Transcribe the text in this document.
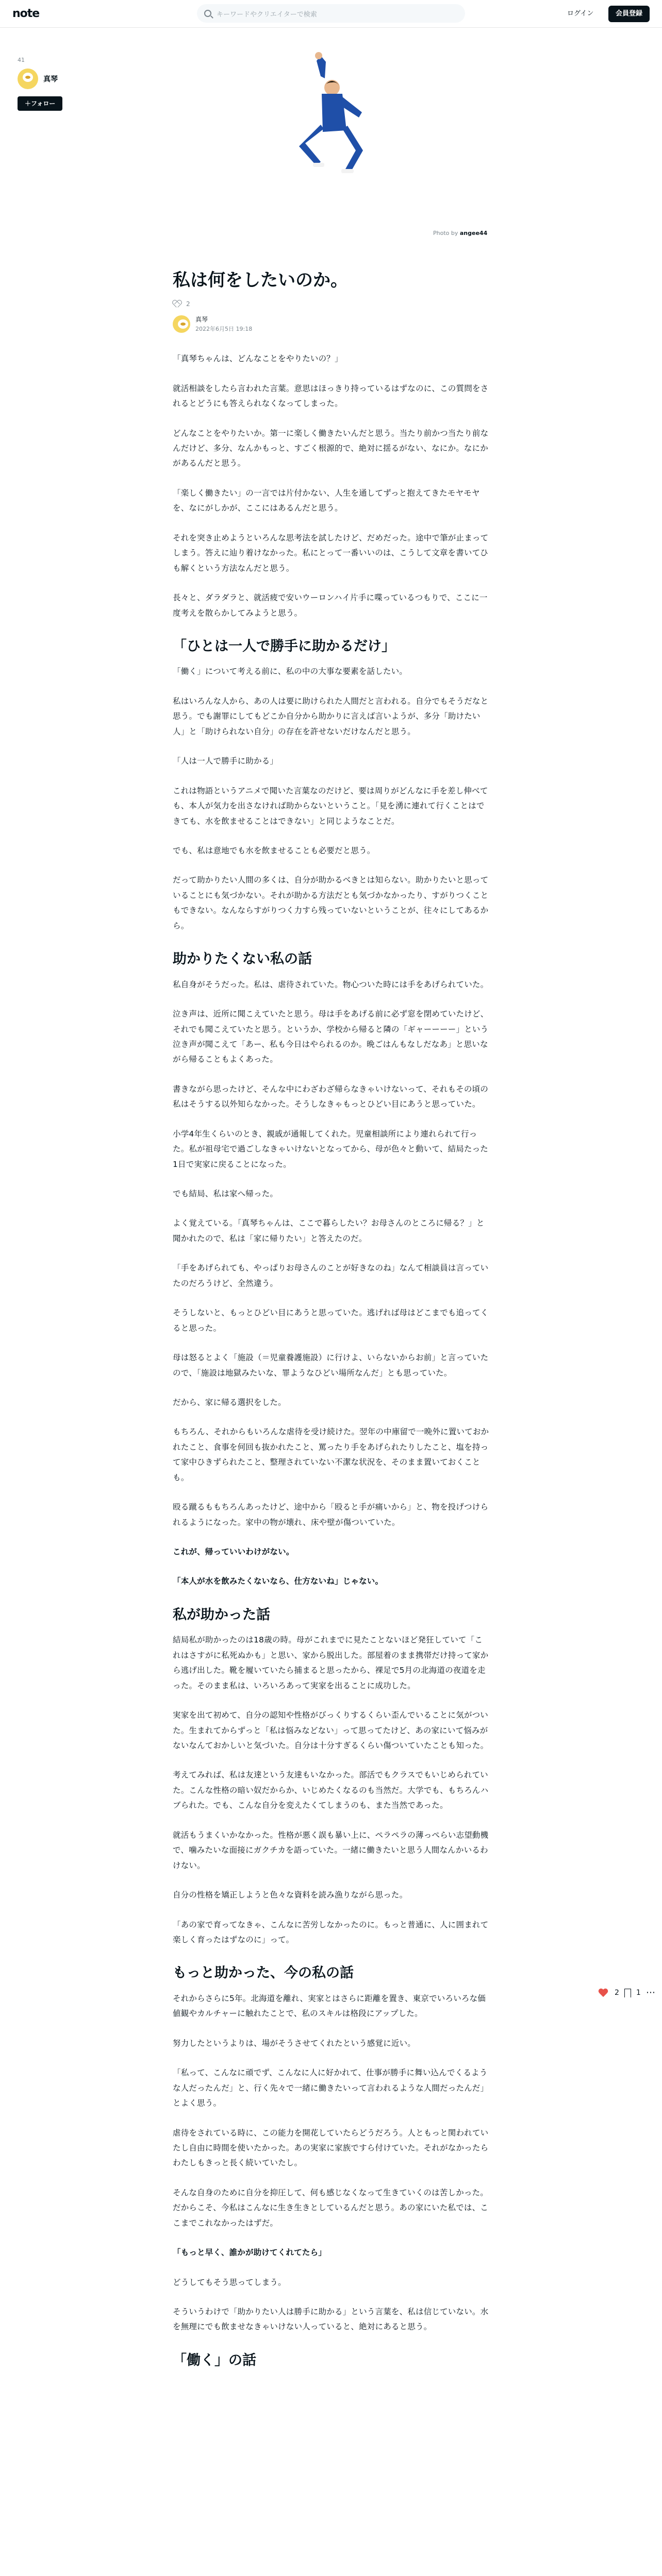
note	キーワードやクリエイターで検索	ログイン	会員登録
41
真琴
＋フォロー
Photo by angee44
私は何をしたいのか。
2
真琴
2022年6月5日 19:18

「真琴ちゃんは、どんなことをやりたいの？」

就活相談をしたら言われた言葉。意思はほっきり持っているはずなのに、この質問をされるとどうにも答えられなくなってしまった。

どんなことをやりたいか。第一に楽しく働きたいんだと思う。当たり前かつ当たり前なんだけど、多分、なんかもっと、すごく根源的で、絶対に揺るがない、なにか。なにかがあるんだと思う。

「楽しく働きたい」の一言では片付かない、人生を通してずっと抱えてきたモヤモヤを、なにがしかが、ここにはあるんだと思う。

それを突き止めようといろんな思考法を試したけど、だめだった。途中で筆が止まってしまう。答えに辿り着けなかった。私にとって一番いいのは、こうして文章を書いてひも解くという方法なんだと思う。

長々と、ダラダラと、就活疲で安いウーロンハイ片手に喋っているつもりで、ここに一度考えを散らかしてみようと思う。

「ひとは一人で勝手に助かるだけ」

「働く」について考える前に、私の中の大事な要素を話したい。

私はいろんな人から、あの人は要に助けられた人間だと言われる。自分でもそうだなと思う。でも謝罪にしてもどこか自分から助かりに言えば言いようが、多分「助けたい人」と「助けられない自分」の存在を許せないだけなんだと思う。

「人は一人で勝手に助かる」

これは物語というアニメで聞いた言葉なのだけど、要は周りがどんなに手を差し伸べても、本人が気力を出さなければ助からないということ。「見を湧に連れて行くことはできても、水を飲ませることはできない」と同じようなことだ。

でも、私は意地でも水を飲ませることも必要だと思う。

だって助かりたい人間の多くは、自分が助かるべきとは知らない。助かりたいと思っていることにも気づかない。それが助かる方法だとも気づかなかったり、すがりつくこともできない。なんならすがりつく力すら残っていないということが、往々にしてあるから。

助かりたくない私の話

私自身がそうだった。私は、虐待されていた。物心ついた時には手をあげられていた。

泣き声は、近所に聞こえていたと思う。母は手をあげる前に必ず窓を閉めていたけど、それでも聞こえていたと思う。というか、学校から帰ると隣の「ギャーーーー」という泣き声が聞こえて「あー、私も今日はやられるのか。晩ごはんもなしだなあ」と思いながら帰ることもよくあった。

書きながら思ったけど、そんな中にわざわざ帰らなきゃいけないって、それもその頃の私はそうする以外知らなかった。そうしなきゃもっとひどい目にあうと思っていた。

小学4年生くらいのとき、親戚が通報してくれた。児童相談所により連れられて行った。私が祖母宅で過ごしなきゃいけないとなってから、母が色々と動いて、結局たった1日で実家に戻ることになった。

でも結局、私は家へ帰った。

よく覚えている。「真琴ちゃんは、ここで暮らしたい？お母さんのところに帰る？」と聞かれたので、私は「家に帰りたい」と答えたのだ。

「手をあげられても、やっぱりお母さんのことが好きなのね」なんて相談員は言っていたのだろうけど、全然違う。

そうしないと、もっとひどい目にあうと思っていた。逃げれば母はどこまでも追ってくると思った。

母は怒るとよく「施設（＝児童養護施設）に行けよ、いらないからお前」と言っていたので、「施設は地獄みたいな、罪ようなひどい場所なんだ」とも思っていた。

だから、家に帰る選択をした。

もちろん、それからもいろんな虐待を受け続けた。翌年の中庫留で一晩外に置いておかれたこと、食事を何回も抜かれたこと、罵ったり手をあげられたりしたこと、塩を持って家中ひきずられたこと、整理されていない不潔な状況を、そのまま置いておくことも。

殴る蹴るももちろんあったけど、途中から「殴ると手が痛いから」と、物を投げつけられるようになった。家中の物が壊れ、床や壁が傷ついていた。

これが、帰っていいわけがない。

「本人が水を飲みたくないなら、仕方ないね」じゃない。

私が助かった話

結局私が助かったのは18歳の時。母がこれまでに見たことないほど発狂していて「これはさすがに私死ぬかも」と思い、家から脱出した。部屋着のまま携帯だけ持って家から逃げ出した。靴を履いていたら捕まると思ったから、裸足で5月の北海道の夜道を走った。そのまま私は、いろいろあって実家を出ることに成功した。

実家を出て初めて、自分の認知や性格がびっくりするくらい歪んでいることに気がついた。生まれてからずっと「私は悩みなどない」って思ってたけど、あの家にいて悩みがないなんておかしいと気づいた。自分は十分すぎるくらい傷ついていたことも知った。

考えてみれば、私は友達という友達もいなかった。部活でもクラスでもいじめられていた。こんな性格の暗い奴だからか、いじめたくなるのも当然だ。大学でも、もちろんハブられた。でも、こんな自分を変えたくてしまうのも、また当然であった。

就活もうまくいかなかった。性格が悪く誤も暴い上に、ペラペラの薄っぺらい志望動機で、噛みたいな面接にガクチカを語っていた。一緒に働きたいと思う人間なんかいるわけない。

自分の性格を矯正しようと色々な資料を読み漁りながら思った。

「あの家で育ってなきゃ、こんなに苦労しなかったのに。もっと普通に、人に囲まれて楽しく育ったはずなのに」って。

もっと助かった、今の私の話

それからさらに5年。北海道を離れ、実家とはさらに距離を置き、東京でいろいろな価値観やカルチャーに触れたことで、私のスキルは格段にアップした。

努力したというよりは、場がそうさせてくれたという感覚に近い。

「私って、こんなに頑でず、こんなに人に好かれて、仕事が勝手に舞い込んでくるような人だったんだ」と、行く先々で一緒に働きたいって言われるような人間だったんだ」とよく思う。

虐待をされている時に、この能力を開花していたらどうだろう。人ともっと関われていたし自由に時間を使いたかった。あの実家に家族ですら付けていた。それがなかったらわたしもきっと長く続いていたし。

そんな自身のために自分を抑圧して、何も感じなくなって生きていくのは苦しかった。だからこそ、今私はこんなに生き生きとしているんだと思う。あの家にいた私では、ここまでこれなかったはずだ。

「もっと早く、誰かが助けてくれてたら」

どうしてもそう思ってしまう。

そういうわけで「助かりたい人は勝手に助かる」という言葉を、私は信じていない。水を無理にでも飲ませなきゃいけない人っていると、絶対にあると思う。

「働く」の話
2 1 ⋯
